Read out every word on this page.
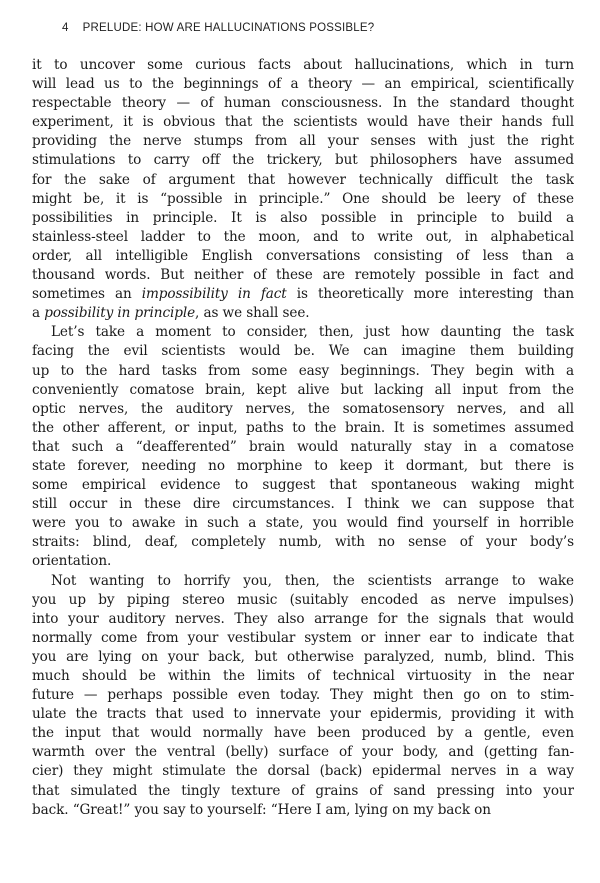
4 PRELUDE: HOW ARE HALLUCINATIONS POSSIBLE?
it to uncover some curious facts about hallucinations, which in turn
will lead us to the beginnings of a theory — an empirical, scientifically
respectable theory — of human consciousness. In the standard thought
experiment, it is obvious that the scientists would have their hands full
providing the nerve stumps from all your senses with just the right
stimulations to carry off the trickery, but philosophers have assumed
for the sake of argument that however technically difficult the task
might be, it is “possible in principle.” One should be leery of these
possibilities in principle. It is also possible in principle to build a
stainless-steel ladder to the moon, and to write out, in alphabetical
order, all intelligible English conversations consisting of less than a
thousand words. But neither of these are remotely possible in fact and
sometimes an impossibility in fact is theoretically more interesting than
a possibility in principle, as we shall see.
Let’s take a moment to consider, then, just how daunting the task
facing the evil scientists would be. We can imagine them building
up to the hard tasks from some easy beginnings. They begin with a
conveniently comatose brain, kept alive but lacking all input from the
optic nerves, the auditory nerves, the somatosensory nerves, and all
the other afferent, or input, paths to the brain. It is sometimes assumed
that such a “deafferented” brain would naturally stay in a comatose
state forever, needing no morphine to keep it dormant, but there is
some empirical evidence to suggest that spontaneous waking might
still occur in these dire circumstances. I think we can suppose that
were you to awake in such a state, you would find yourself in horrible
straits: blind, deaf, completely numb, with no sense of your body’s
orientation.
Not wanting to horrify you, then, the scientists arrange to wake
you up by piping stereo music (suitably encoded as nerve impulses)
into your auditory nerves. They also arrange for the signals that would
normally come from your vestibular system or inner ear to indicate that
you are lying on your back, but otherwise paralyzed, numb, blind. This
much should be within the limits of technical virtuosity in the near
future — perhaps possible even today. They might then go on to stim-
ulate the tracts that used to innervate your epidermis, providing it with
the input that would normally have been produced by a gentle, even
warmth over the ventral (belly) surface of your body, and (getting fan-
cier) they might stimulate the dorsal (back) epidermal nerves in a way
that simulated the tingly texture of grains of sand pressing into your
back. “Great!” you say to yourself: “Here I am, lying on my back on
